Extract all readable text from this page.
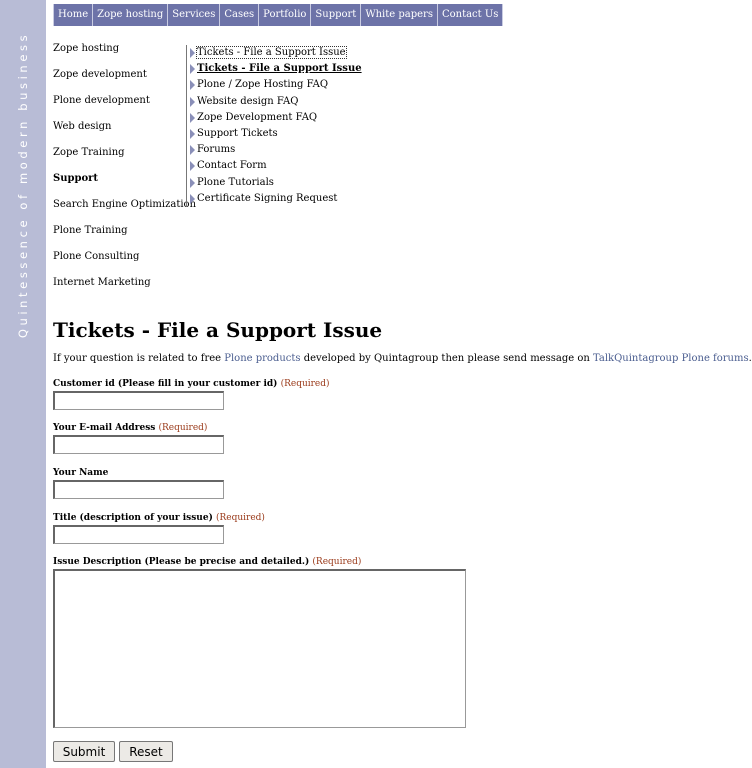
Quintessence of modern business
Home Zope hosting Services Cases Portfolio Support White papers Contact Us
Zope hosting
Zope development
Plone development
Web design
Zope Training
Support
Search Engine Optimization
Plone Training
Plone Consulting
Internet Marketing
Tickets - File a Support Issue
Tickets - File a Support Issue
Plone / Zope Hosting FAQ
Website design FAQ
Zope Development FAQ
Support Tickets
Forums
Contact Form
Plone Tutorials
Certificate Signing Request
Tickets - File a Support Issue
If your question is related to free Plone products developed by Quintagroup then please send message on TalkQuintagroup Plone forums.
Customer id (Please fill in your customer id) (Required)
Your E-mail Address (Required)
Your Name
Title (description of your issue) (Required)
Issue Description (Please be precise and detailed.) (Required)
Submit	Reset
